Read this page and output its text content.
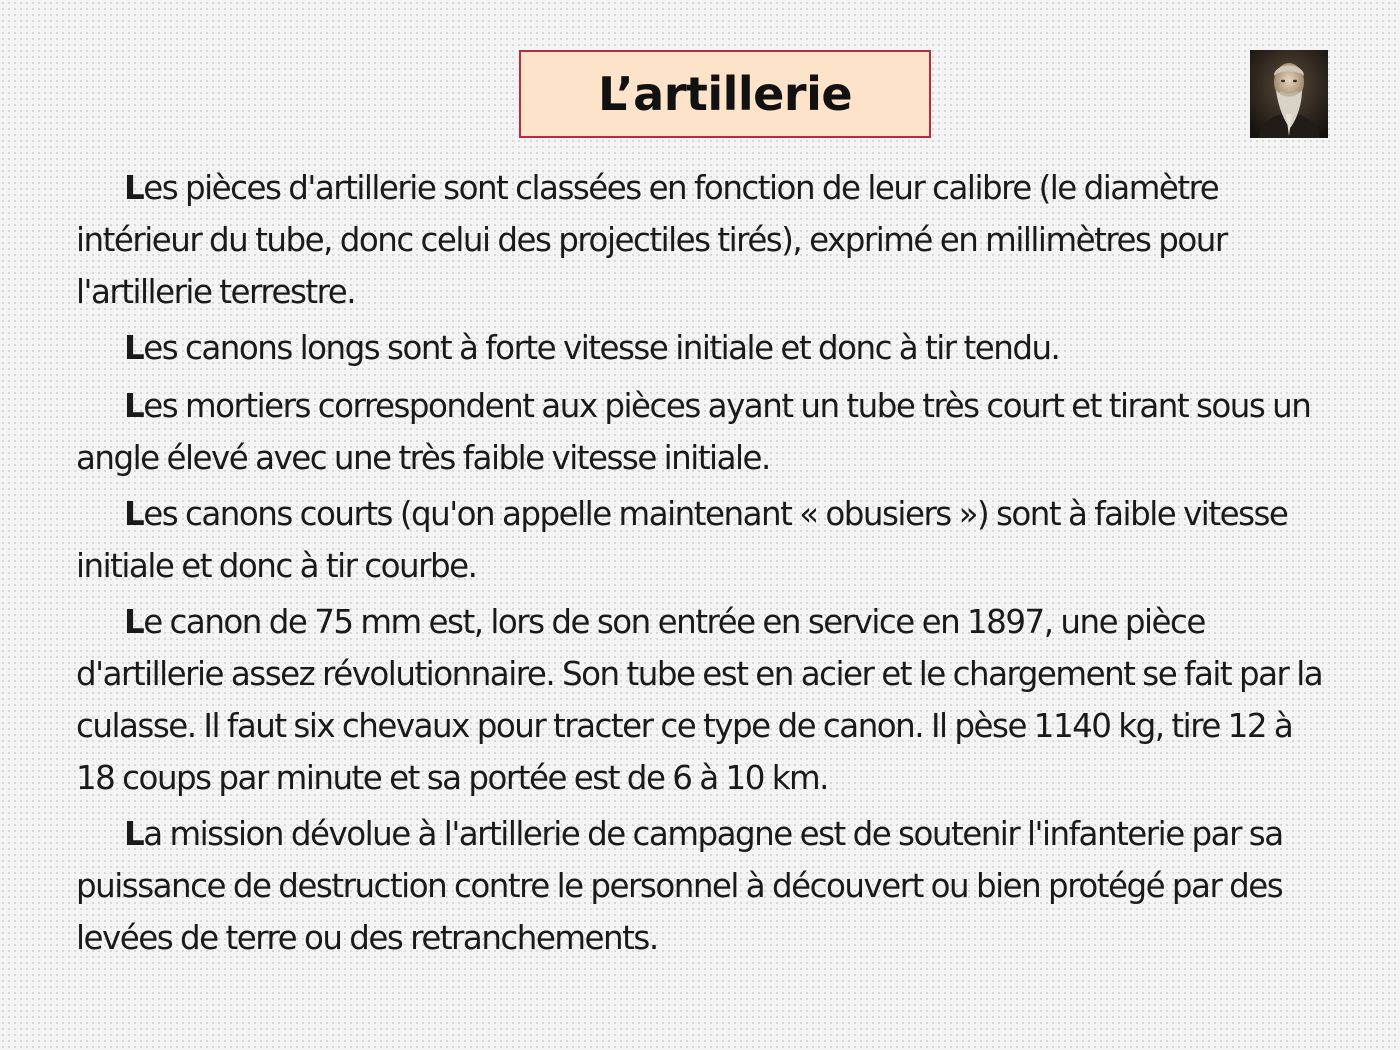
L’artillerie

Les pièces d'artillerie sont classées en fonction de leur calibre (le diamètre intérieur du tube, donc celui des projectiles tirés), exprimé en millimètres pour l'artillerie terrestre.

Les canons longs sont à forte vitesse initiale et donc à tir tendu.

Les mortiers correspondent aux pièces ayant un tube très court et tirant sous un angle élevé avec une très faible vitesse initiale.

Les canons courts (qu'on appelle maintenant « obusiers ») sont à faible vitesse initiale et donc à tir courbe.

Le canon de 75 mm est, lors de son entrée en service en 1897, une pièce d'artillerie assez révolutionnaire. Son tube est en acier et le chargement se fait par la culasse. Il faut six chevaux pour tracter ce type de canon. Il pèse 1140 kg, tire 12 à 18 coups par minute et sa portée est de 6 à 10 km.

La mission dévolue à l'artillerie de campagne est de soutenir l'infanterie par sa puissance de destruction contre le personnel à découvert ou bien protégé par des levées de terre ou des retranchements.
